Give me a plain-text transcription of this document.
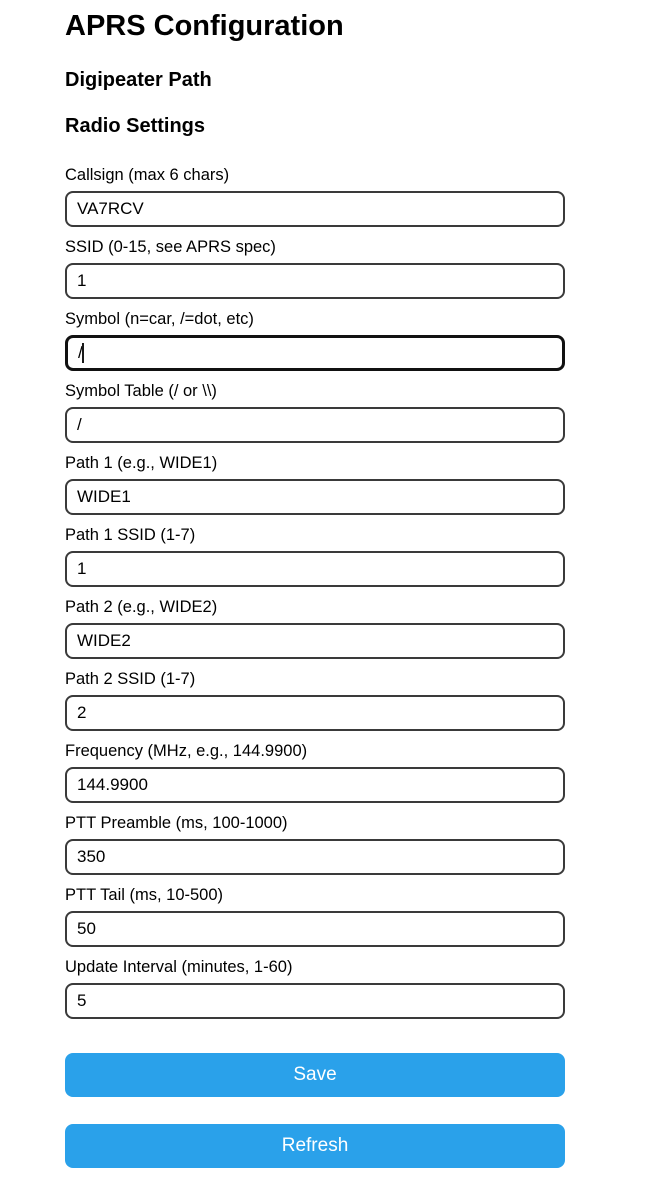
APRS Configuration
Digipeater Path
Radio Settings
Callsign (max 6 chars)
VA7RCV
SSID (0-15, see APRS spec)
1
Symbol (n=car, /=dot, etc)
/
Symbol Table (/ or \\)
/
Path 1 (e.g., WIDE1)
WIDE1
Path 1 SSID (1-7)
1
Path 2 (e.g., WIDE2)
WIDE2
Path 2 SSID (1-7)
2
Frequency (MHz, e.g., 144.9900)
144.9900
PTT Preamble (ms, 100-1000)
350
PTT Tail (ms, 10-500)
50
Update Interval (minutes, 1-60)
5
Save
Refresh
